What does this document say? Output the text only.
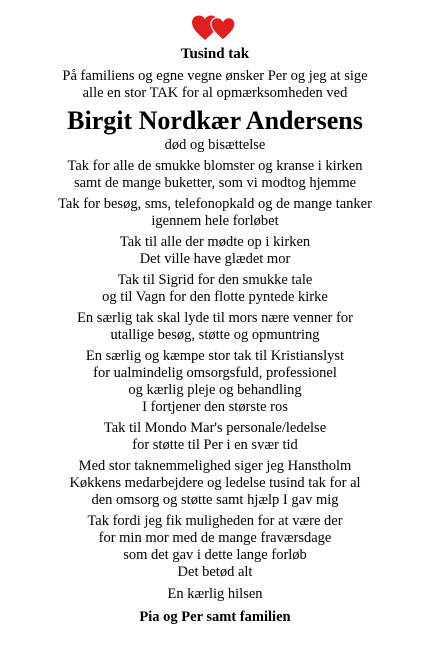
Tusind tak
På familiens og egne vegne ønsker Per og jeg at sige
alle en stor TAK for al opmærksomheden ved
Birgit Nordkær Andersens
død og bisættelse
Tak for alle de smukke blomster og kranse i kirken
samt de mange buketter, som vi modtog hjemme
Tak for besøg, sms, telefonopkald og de mange tanker
igennem hele forløbet
Tak til alle der mødte op i kirken
Det ville have glædet mor
Tak til Sigrid for den smukke tale
og til Vagn for den flotte pyntede kirke
En særlig tak skal lyde til mors nære venner for
utallige besøg, støtte og opmuntring
En særlig og kæmpe stor tak til Kristianslyst
for ualmindelig omsorgsfuld, professionel
og kærlig pleje og behandling
I fortjener den største ros
Tak til Mondo Mar's personale/ledelse
for støtte til Per i en svær tid
Med stor taknemmelighed siger jeg Hanstholm
Køkkens medarbejdere og ledelse tusind tak for al
den omsorg og støtte samt hjælp I gav mig
Tak fordi jeg fik muligheden for at være der
for min mor med de mange fraværsdage
som det gav i dette lange forløb
Det betød alt
En kærlig hilsen
Pia og Per samt familien
